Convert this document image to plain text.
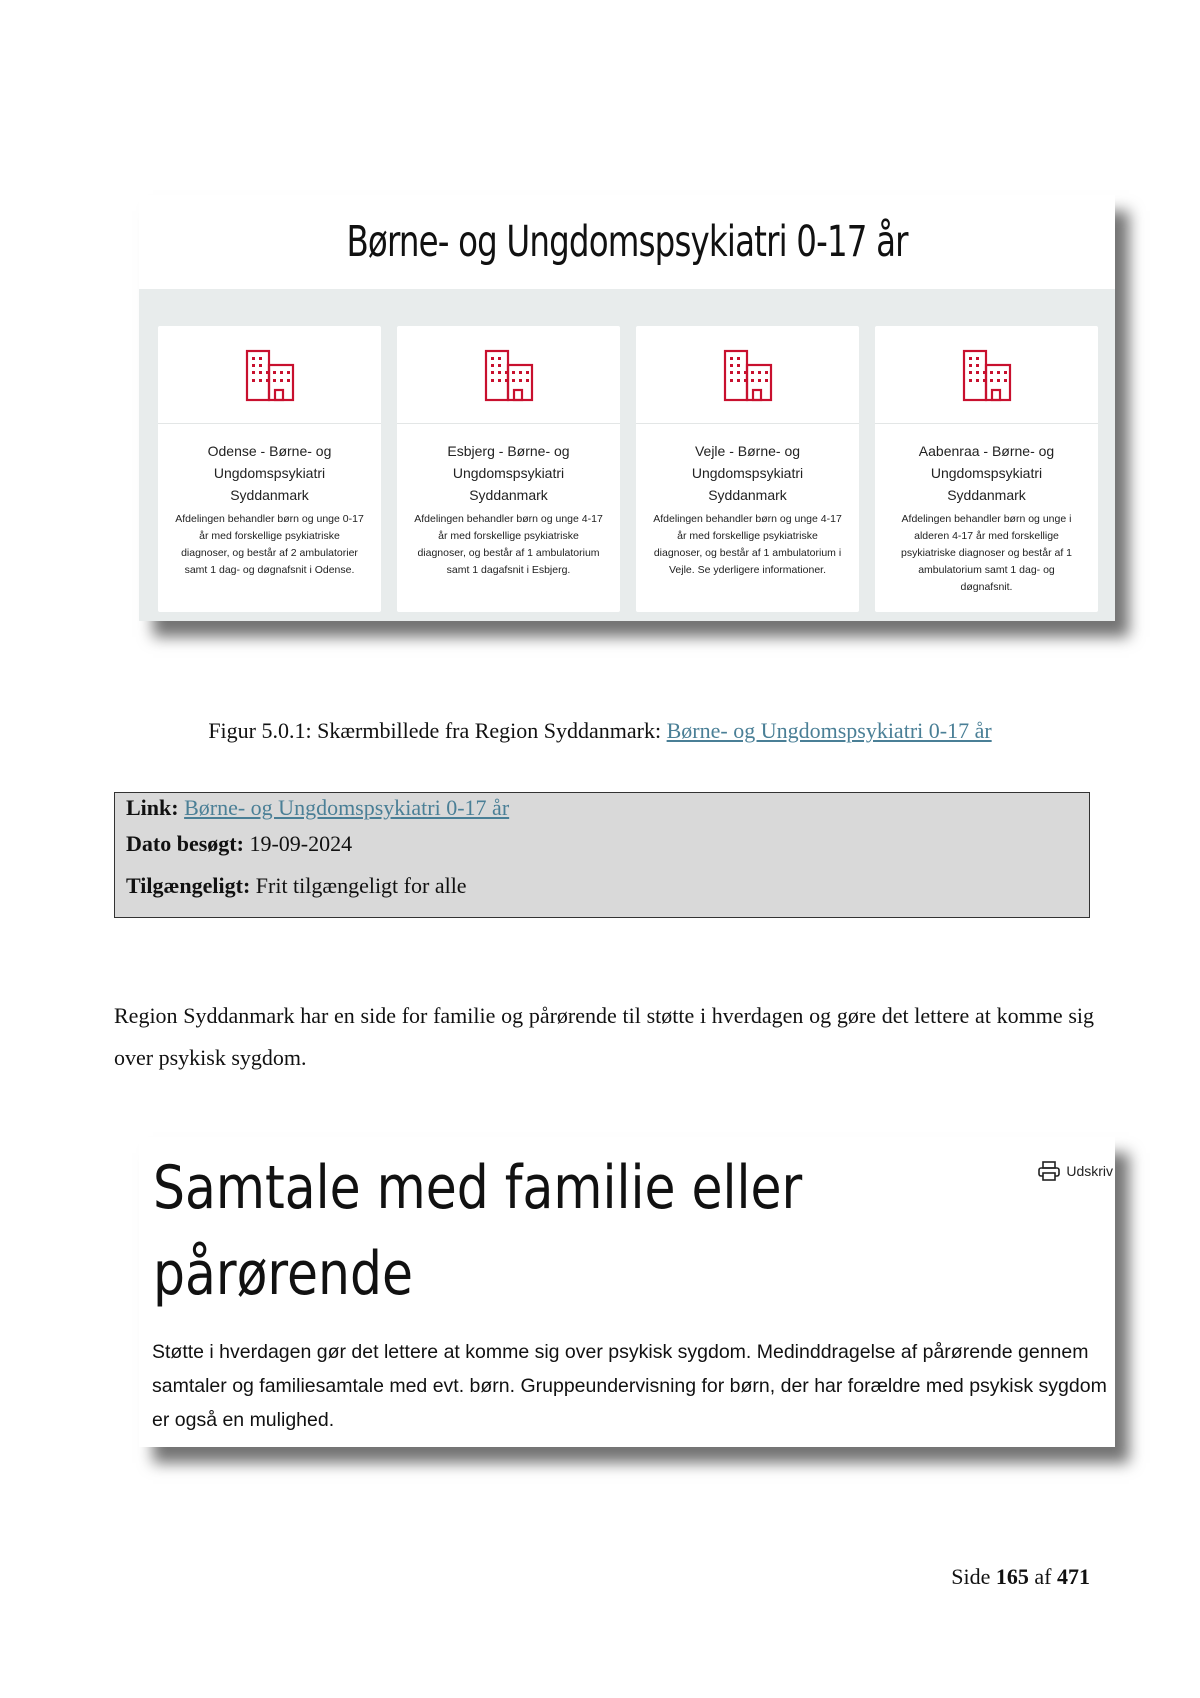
Børne- og Ungdomspsykiatri 0-17 år
Odense - Børne- og Ungdomspsykiatri Syddanmark
Afdelingen behandler børn og unge 0-17 år med forskellige psykiatriske diagnoser, og består af 2 ambulatorier samt 1 dag- og døgnafsnit i Odense.
Esbjerg - Børne- og Ungdomspsykiatri Syddanmark
Afdelingen behandler børn og unge 4-17 år med forskellige psykiatriske diagnoser, og består af 1 ambulatorium samt 1 dagafsnit i Esbjerg.
Vejle - Børne- og Ungdomspsykiatri Syddanmark
Afdelingen behandler børn og unge 4-17 år med forskellige psykiatriske diagnoser, og består af 1 ambulatorium i Vejle. Se yderligere informationer.
Aabenraa - Børne- og Ungdomspsykiatri Syddanmark
Afdelingen behandler børn og unge i alderen 4-17 år med forskellige psykiatriske diagnoser og består af 1 ambulatorium samt 1 dag- og døgnafsnit.
Figur 5.0.1: Skærmbillede fra Region Syddanmark: Børne- og Ungdomspsykiatri 0-17 år
Link: Børne- og Ungdomspsykiatri 0-17 år
Dato besøgt: 19-09-2024
Tilgængeligt: Frit tilgængeligt for alle
Region Syddanmark har en side for familie og pårørende til støtte i hverdagen og gøre det lettere at komme sig over psykisk sygdom.
Samtale med familie eller
pårørende
Udskriv
Støtte i hverdagen gør det lettere at komme sig over psykisk sygdom. Medinddragelse af pårørende gennem samtaler og familiesamtale med evt. børn. Gruppeundervisning for børn, der har forældre med psykisk sygdom er også en mulighed.
Side 165 af 471
